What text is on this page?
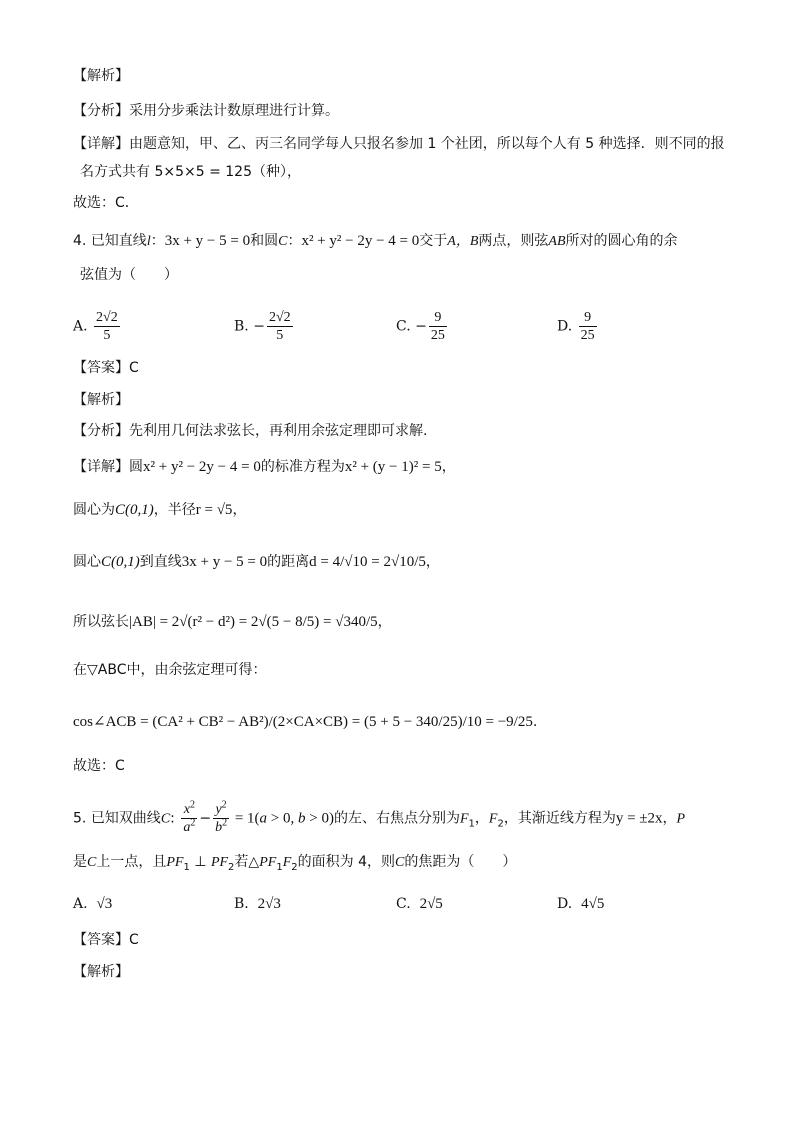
【解析】
【分析】采用分步乘法计数原理进行计算。
【详解】由题意知，甲、乙、丙三名同学每人只报名参加 1 个社团，所以每个人有 5 种选择．则不同的报
名方式共有 5×5×5 = 125（种），
故选：C．
4. 已知直线l：3x + y − 5 = 0和圆C：x² + y² − 2y − 4 = 0交于A，B两点，则弦AB所对的圆心角的余
弦值为（　　）
A. $\frac{2√2}{5}$	B. − $\frac{2√2}{5}$	C. − $\frac{9}{25}$	D. $\frac{9}{25}$
【答案】C
【解析】
【分析】先利用几何法求弦长，再利用余弦定理即可求解.
【详解】圆x² + y² − 2y − 4 = 0的标准方程为x² + (y − 1)² = 5，
圆心为C(0,1)，半径r = √5，
圆心C(0,1)到直线3x + y − 5 = 0的距离d = 4/√10 = 2√10/5，
所以弦长|AB| = 2√(r² − d²) = 2√(5 − 8/5) = √340/5，
在▽ABC中，由余弦定理可得：
cos∠ACB = (CA² + CB² − AB²)/(2×CA×CB) = (5 + 5 − 340/25)/10 = −9/25.
故选：C
5. 已知双曲线C: $\frac{x^2}{a^2} - \frac{y^2}{b^2} = 1(a > 0$, b > 0)的左、右焦点分别为$F_1$，$F_2$，其渐近线方程为y = ±2x，P
是C上一点，且$PF_1$ ⊥ $PF_2$若$\triangle PF_1F_2$的面积为 4，则C的焦距为（　　）
A. √3	B. 2√3	C. 2√5	D. 4√5
【答案】C
【解析】
